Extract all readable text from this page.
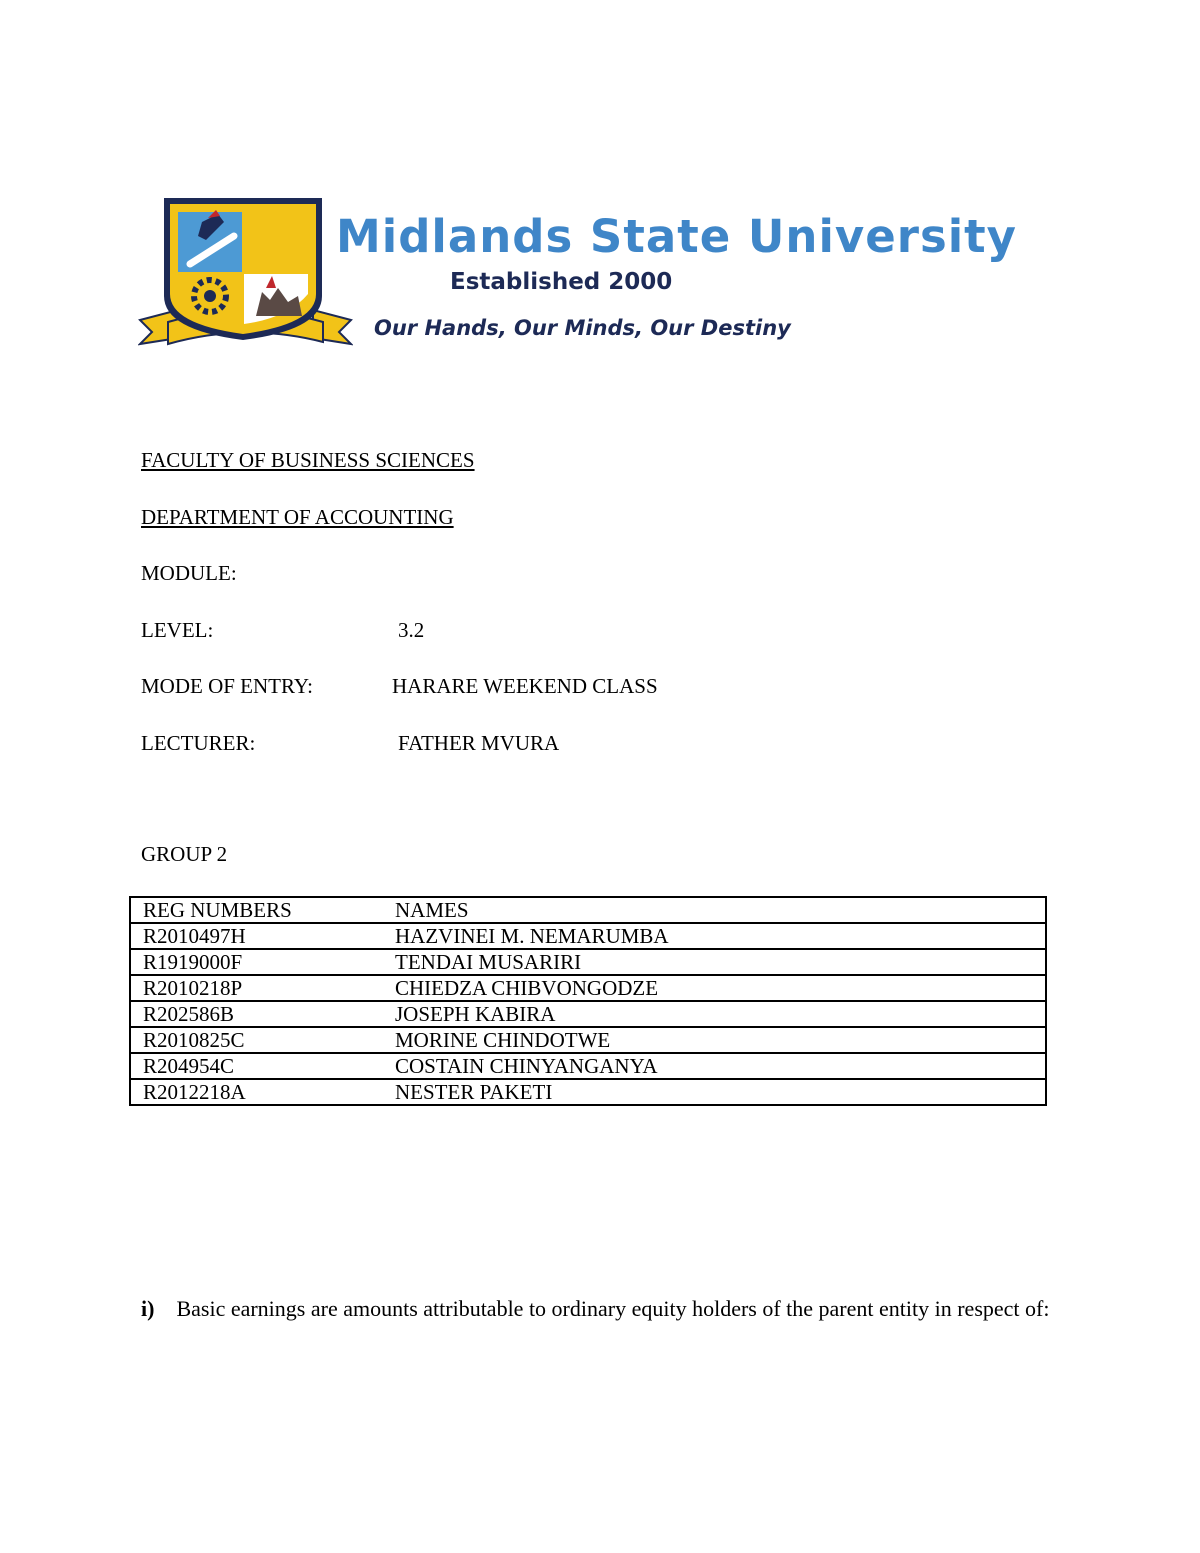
Midlands State University
Established 2000
Our Hands, Our Minds, Our Destiny
FACULTY OF BUSINESS SCIENCES
DEPARTMENT OF ACCOUNTING
MODULE:
LEVEL:	3.2
MODE OF ENTRY:	HARARE WEEKEND CLASS
LECTURER:	FATHER MVURA
GROUP 2
REG NUMBERS	NAMES
R2010497H	HAZVINEI M. NEMARUMBA
R1919000F	TENDAI MUSARIRI
R2010218P	CHIEDZA CHIBVONGODZE
R202586B	JOSEPH KABIRA
R2010825C	MORINE CHINDOTWE
R204954C	COSTAIN CHINYANGANYA
R2012218A	NESTER PAKETI
i) Basic earnings are amounts attributable to ordinary equity holders of the parent entity in respect of:
